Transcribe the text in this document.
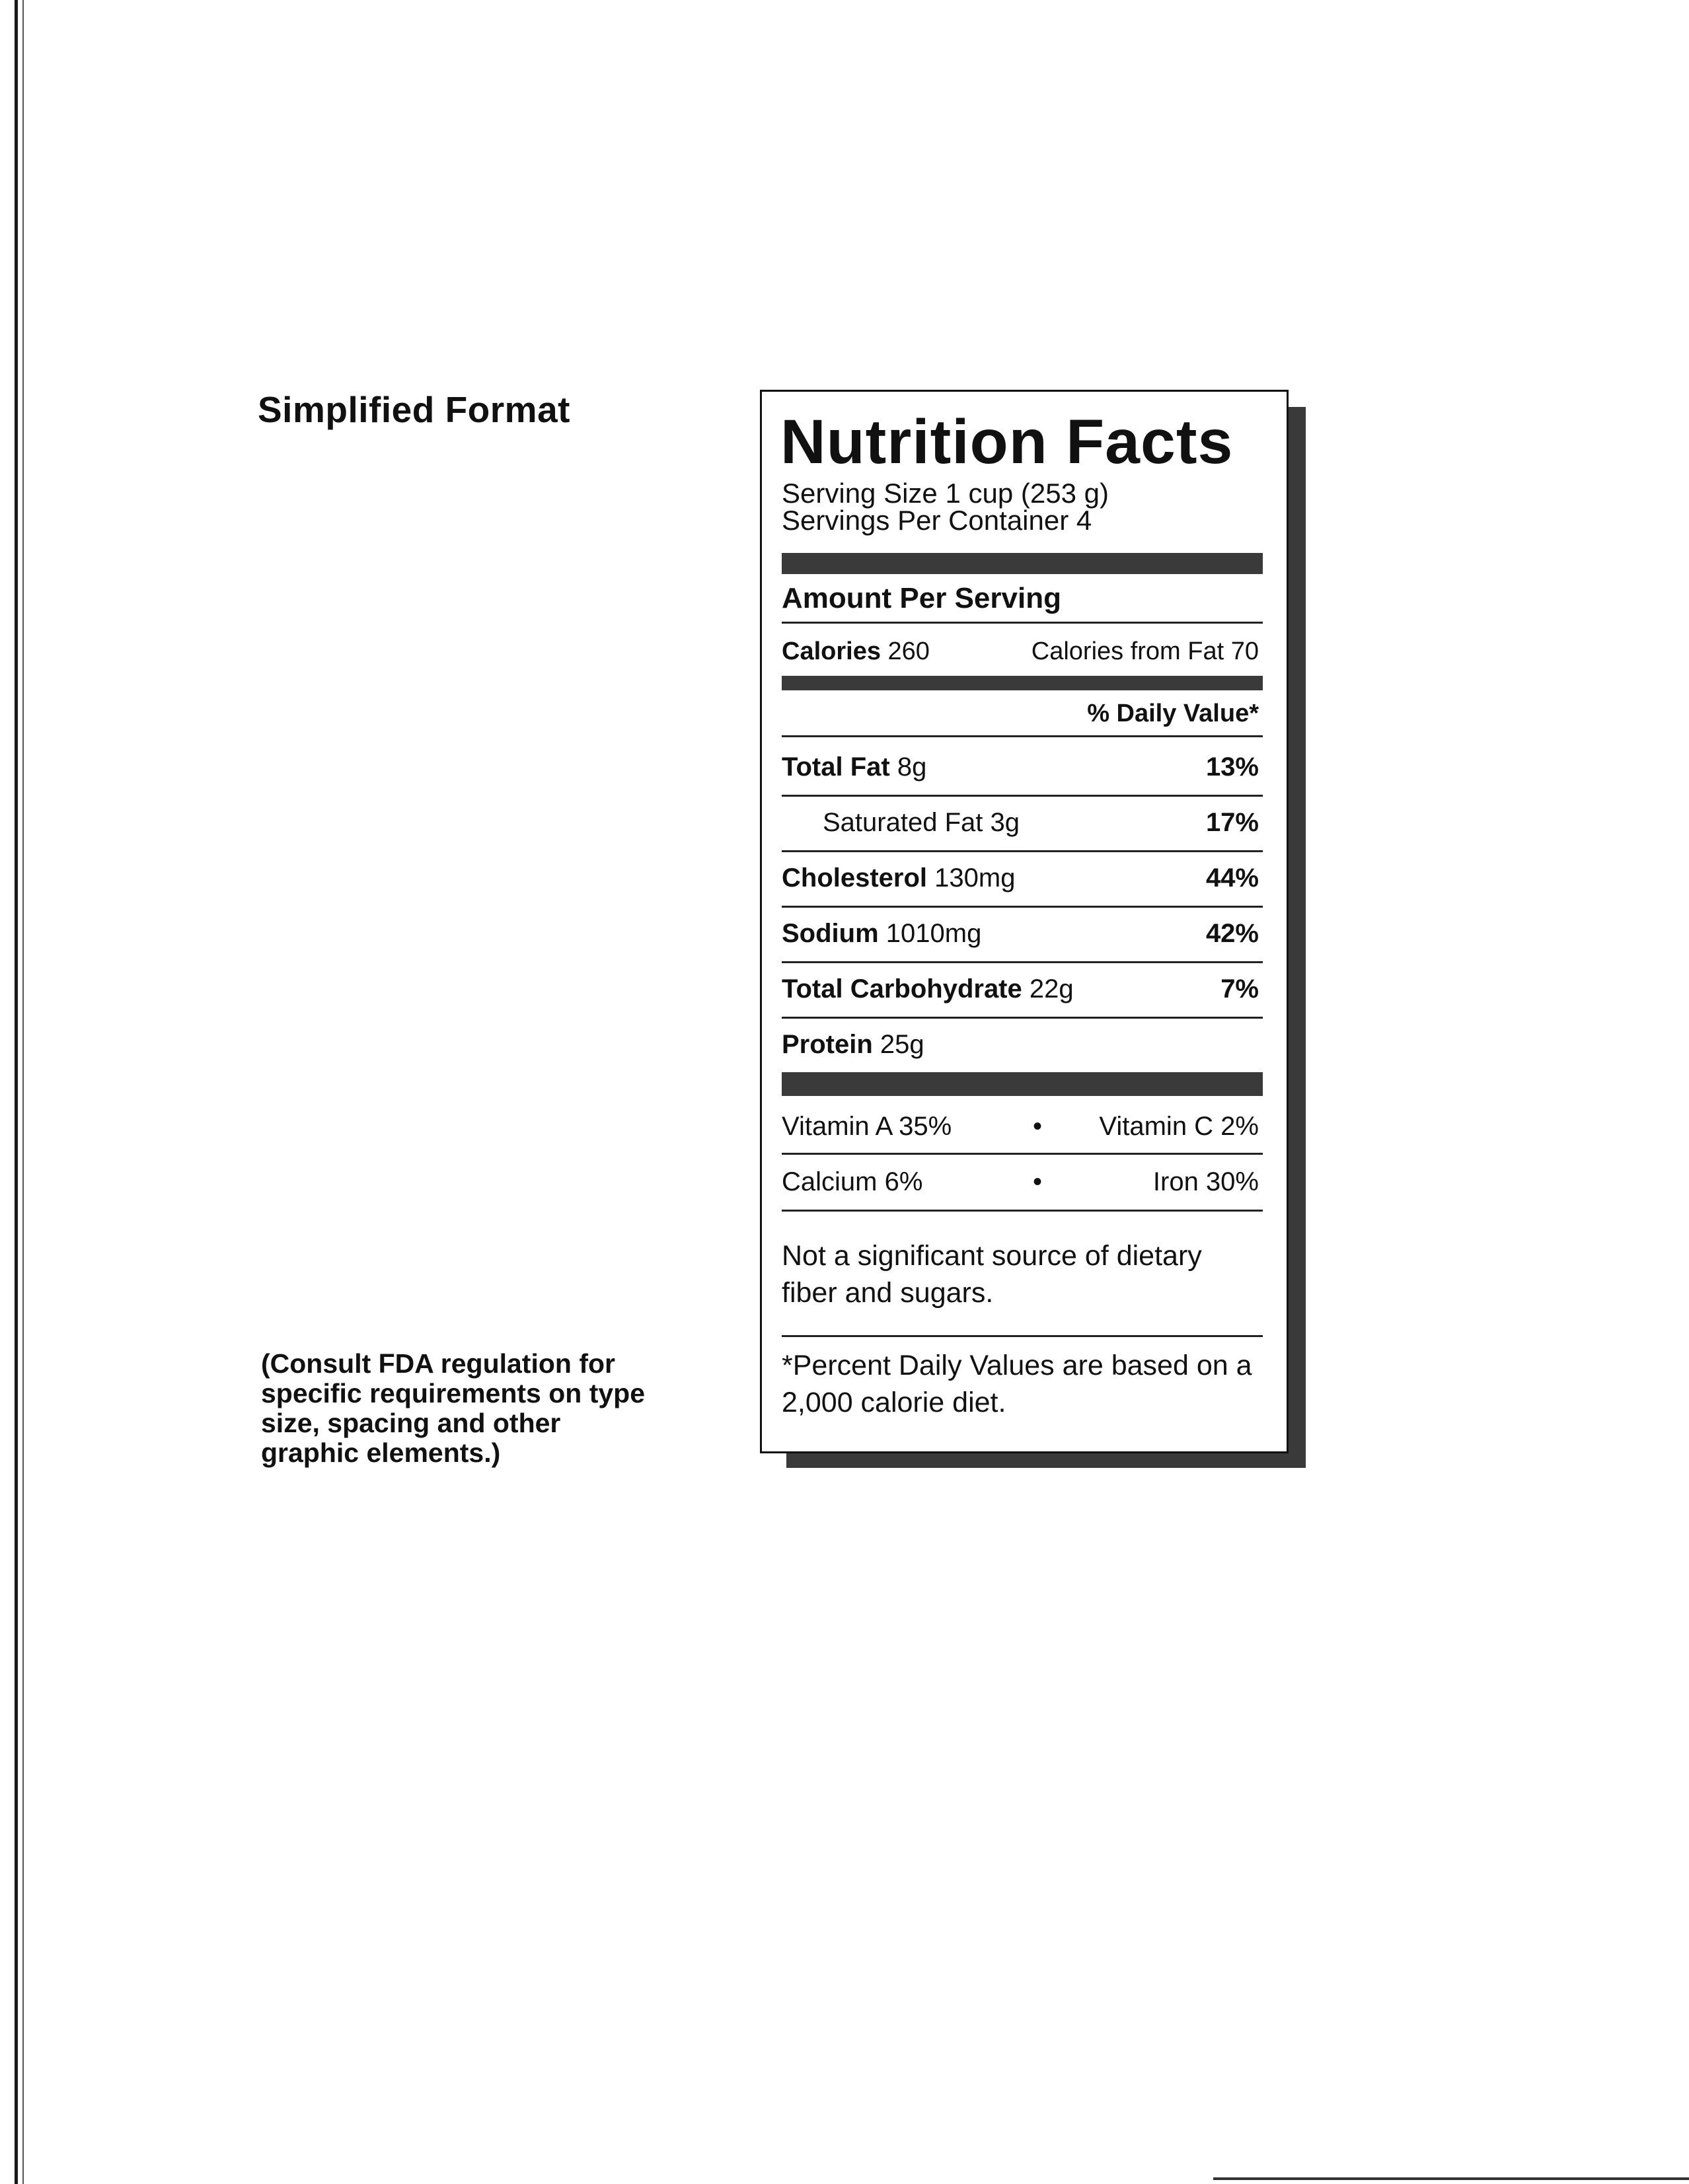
Simplified Format
(Consult FDA regulation for specific requirements on type size, spacing and other graphic elements.)
Nutrition Facts
Serving Size 1 cup (253 g)
Servings Per Container 4
Amount Per Serving
Calories 260	Calories from Fat 70
% Daily Value*
Total Fat 8g	13%
Saturated Fat 3g	17%
Cholesterol 130mg	44%
Sodium 1010mg	42%
Total Carbohydrate 22g	7%
Protein 25g
Vitamin A 35%	• Vitamin C 2%
Calcium 6%	•	Iron 30%
Not a significant source of dietary fiber and sugars.
*Percent Daily Values are based on a 2,000 calorie diet.
